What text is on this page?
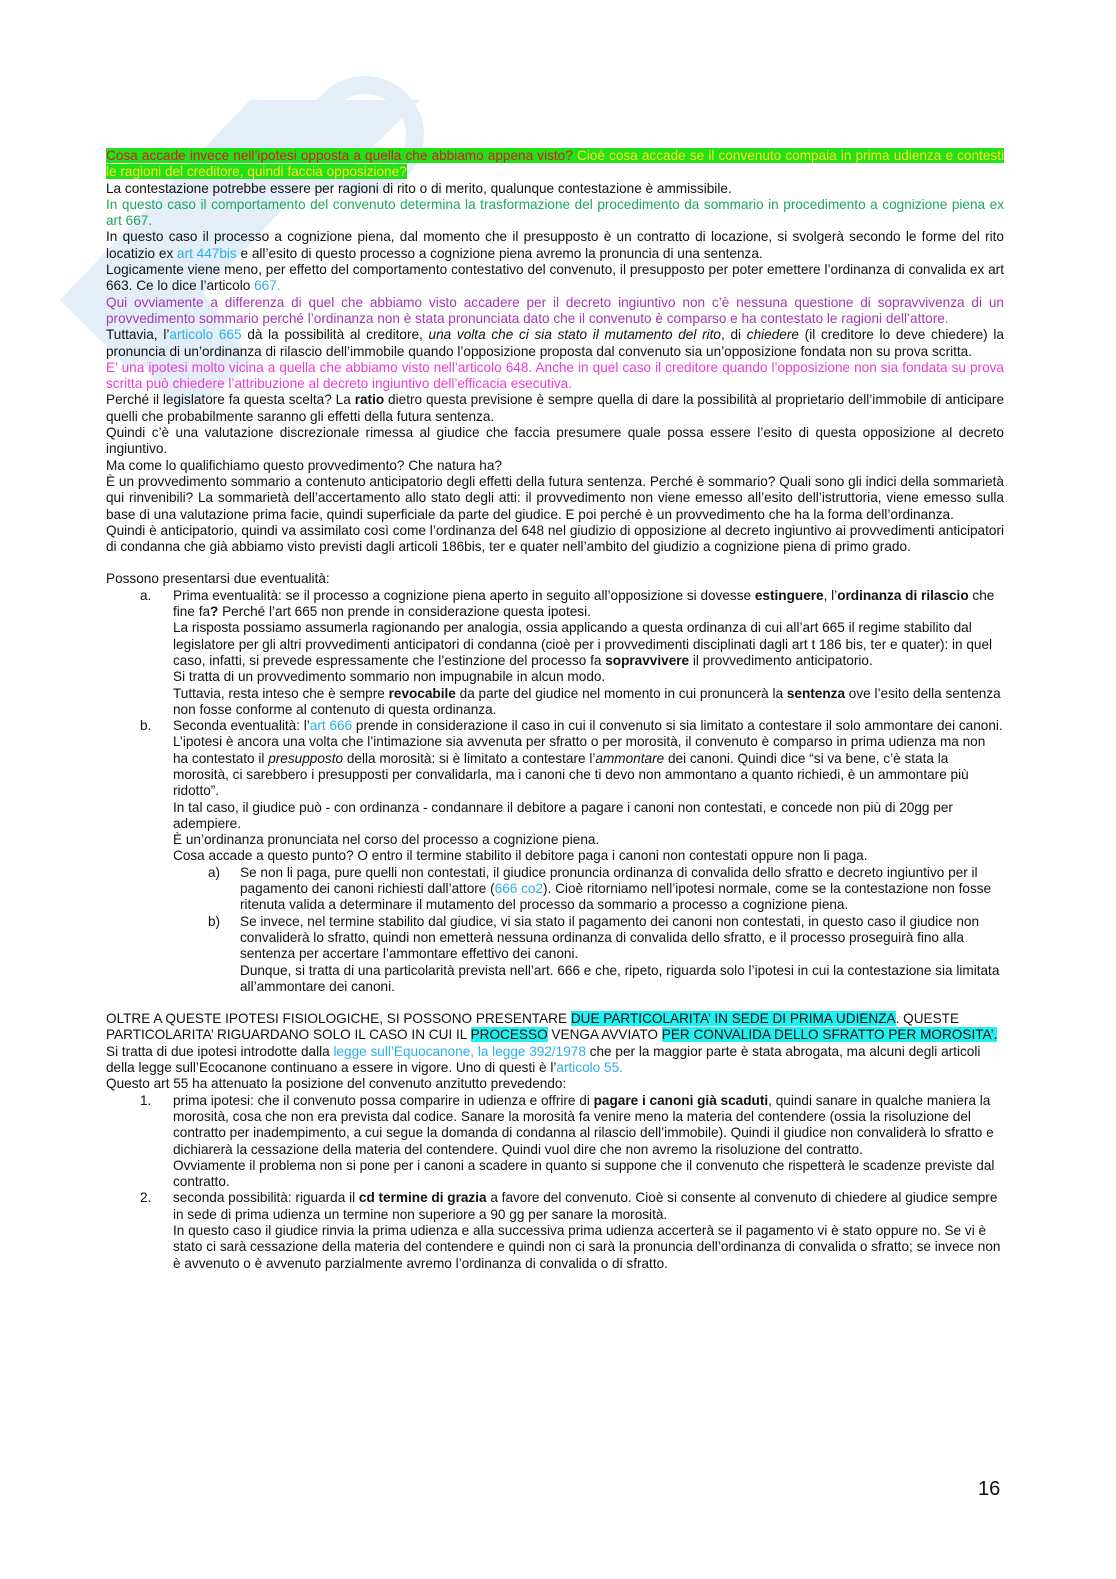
Cosa accade invece nell’ipotesi opposta a quella che abbiamo appena visto? Cioè cosa accade se il convenuto compaia in prima udienza e contesti le ragioni del creditore, quindi faccia opposizione?

La contestazione potrebbe essere per ragioni di rito o di merito, qualunque contestazione è ammissibile.

In questo caso il comportamento del convenuto determina la trasformazione del procedimento da sommario in procedimento a cognizione piena ex art 667.

In questo caso il processo a cognizione piena, dal momento che il presupposto è un contratto di locazione, si svolgerà secondo le forme del rito locatizio ex art 447bis e all’esito di questo processo a cognizione piena avremo la pronuncia di una sentenza.

Logicamente viene meno, per effetto del comportamento contestativo del convenuto, il presupposto per poter emettere l’ordinanza di convalida ex art 663. Ce lo dice l’articolo 667.

Qui ovviamente a differenza di quel che abbiamo visto accadere per il decreto ingiuntivo non c’è nessuna questione di sopravvivenza di un provvedimento sommario perché l’ordinanza non è stata pronunciata dato che il convenuto è comparso e ha contestato le ragioni dell’attore.

Tuttavia, l’articolo 665 dà la possibilità al creditore, una volta che ci sia stato il mutamento del rito, di chiedere (il creditore lo deve chiedere) la pronuncia di un’ordinanza di rilascio dell’immobile quando l’opposizione proposta dal convenuto sia un’opposizione fondata non su prova scritta.

E’ una ipotesi molto vicina a quella che abbiamo visto nell’articolo 648. Anche in quel caso il creditore quando l’opposizione non sia fondata su prova scritta può chiedere l’attribuzione al decreto ingiuntivo dell’efficacia esecutiva.

Perché il legislatore fa questa scelta? La ratio dietro questa previsione è sempre quella di dare la possibilità al proprietario dell’immobile di anticipare quelli che probabilmente saranno gli effetti della futura sentenza.

Quindi c’è una valutazione discrezionale rimessa al giudice che faccia presumere quale possa essere l’esito di questa opposizione al decreto ingiuntivo.

Ma come lo qualifichiamo questo provvedimento? Che natura ha?

È un provvedimento sommario a contenuto anticipatorio degli effetti della futura sentenza. Perché è sommario? Quali sono gli indici della sommarietà qui rinvenibili? La sommarietà dell’accertamento allo stato degli atti: il provvedimento non viene emesso all’esito dell’istruttoria, viene emesso sulla base di una valutazione prima facie, quindi superficiale da parte del giudice. E poi perché è un provvedimento che ha la forma dell’ordinanza.

Quindi è anticipatorio, quindi va assimilato così come l’ordinanza del 648 nel giudizio di opposizione al decreto ingiuntivo ai provvedimenti anticipatori di condanna che già abbiamo visto previsti dagli articoli 186bis, ter e quater nell’ambito del giudizio a cognizione piena di primo grado.

Possono presentarsi due eventualità:

a.	Prima eventualità: se il processo a cognizione piena aperto in seguito all’opposizione si dovesse estinguere, l’ordinanza di rilascio che fine fa? Perché l’art 665 non prende in considerazione questa ipotesi.

La risposta possiamo assumerla ragionando per analogia, ossia applicando a questa ordinanza di cui all’art 665 il regime stabilito dal legislatore per gli altri provvedimenti anticipatori di condanna (cioè per i provvedimenti disciplinati dagli art t 186 bis, ter e quater): in quel caso, infatti, si prevede espressamente che l’estinzione del processo fa sopravvivere il provvedimento anticipatorio.

Si tratta di un provvedimento sommario non impugnabile in alcun modo.

Tuttavia, resta inteso che è sempre revocabile da parte del giudice nel momento in cui pronuncerà la sentenza ove l’esito della sentenza non fosse conforme al contenuto di questa ordinanza.

b.	Seconda eventualità: l’art 666 prende in considerazione il caso in cui il convenuto si sia limitato a contestare il solo ammontare dei canoni.

L’ipotesi è ancora una volta che l’intimazione sia avvenuta per sfratto o per morosità, il convenuto è comparso in prima udienza ma non ha contestato il presupposto della morosità: si è limitato a contestare l’ammontare dei canoni. Quindi dice “si va bene, c’è stata la morosità, ci sarebbero i presupposti per convalidarla, ma i canoni che ti devo non ammontano a quanto richiedi, è un ammontare più ridotto”.

In tal caso, il giudice può - con ordinanza - condannare il debitore a pagare i canoni non contestati, e concede non più di 20gg per adempiere.

È un’ordinanza pronunciata nel corso del processo a cognizione piena.

Cosa accade a questo punto? O entro il termine stabilito il debitore paga i canoni non contestati oppure non li paga.

a)	Se non li paga, pure quelli non contestati, il giudice pronuncia ordinanza di convalida dello sfratto e decreto ingiuntivo per il pagamento dei canoni richiesti dall’attore (666 co2). Cioè ritorniamo nell’ipotesi normale, come se la contestazione non fosse ritenuta valida a determinare il mutamento del processo da sommario a processo a cognizione piena.

b)	Se invece, nel termine stabilito dal giudice, vi sia stato il pagamento dei canoni non contestati, in questo caso il giudice non convaliderà lo sfratto, quindi non emetterà nessuna ordinanza di convalida dello sfratto, e il processo proseguirà fino alla sentenza per accertare l’ammontare effettivo dei canoni.

Dunque, si tratta di una particolarità prevista nell’art. 666 e che, ripeto, riguarda solo l’ipotesi in cui la contestazione sia limitata all’ammontare dei canoni.

OLTRE A QUESTE IPOTESI FISIOLOGICHE, SI POSSONO PRESENTARE DUE PARTICOLARITA’ IN SEDE DI PRIMA UDIENZA. QUESTE PARTICOLARITA’ RIGUARDANO SOLO IL CASO IN CUI IL PROCESSO VENGA AVVIATO PER CONVALIDA DELLO SFRATTO PER MOROSITA’.

Si tratta di due ipotesi introdotte dalla legge sull’Equocanone, la legge 392/1978 che per la maggior parte è stata abrogata, ma alcuni degli articoli della legge sull’Ecocanone continuano a essere in vigore. Uno di questi è l’articolo 55.

Questo art 55 ha attenuato la posizione del convenuto anzitutto prevedendo:

1.	prima ipotesi: che il convenuto possa comparire in udienza e offrire di pagare i canoni già scaduti, quindi sanare in qualche maniera la morosità, cosa che non era prevista dal codice. Sanare la morosità fa venire meno la materia del contendere (ossia la risoluzione del contratto per inadempimento, a cui segue la domanda di condanna al rilascio dell’immobile). Quindi il giudice non convaliderà lo sfratto e dichiarerà la cessazione della materia del contendere. Quindi vuol dire che non avremo la risoluzione del contratto.

Ovviamente il problema non si pone per i canoni a scadere in quanto si suppone che il convenuto che rispetterà le scadenze previste dal contratto.

2.	seconda possibilità: riguarda il cd termine di grazia a favore del convenuto. Cioè si consente al convenuto di chiedere al giudice sempre in sede di prima udienza un termine non superiore a 90 gg per sanare la morosità.

In questo caso il giudice rinvia la prima udienza e alla successiva prima udienza accerterà se il pagamento vi è stato oppure no. Se vi è stato ci sarà cessazione della materia del contendere e quindi non ci sarà la pronuncia dell’ordinanza di convalida o sfratto; se invece non è avvenuto o è avvenuto parzialmente avremo l’ordinanza di convalida o di sfratto.

16
